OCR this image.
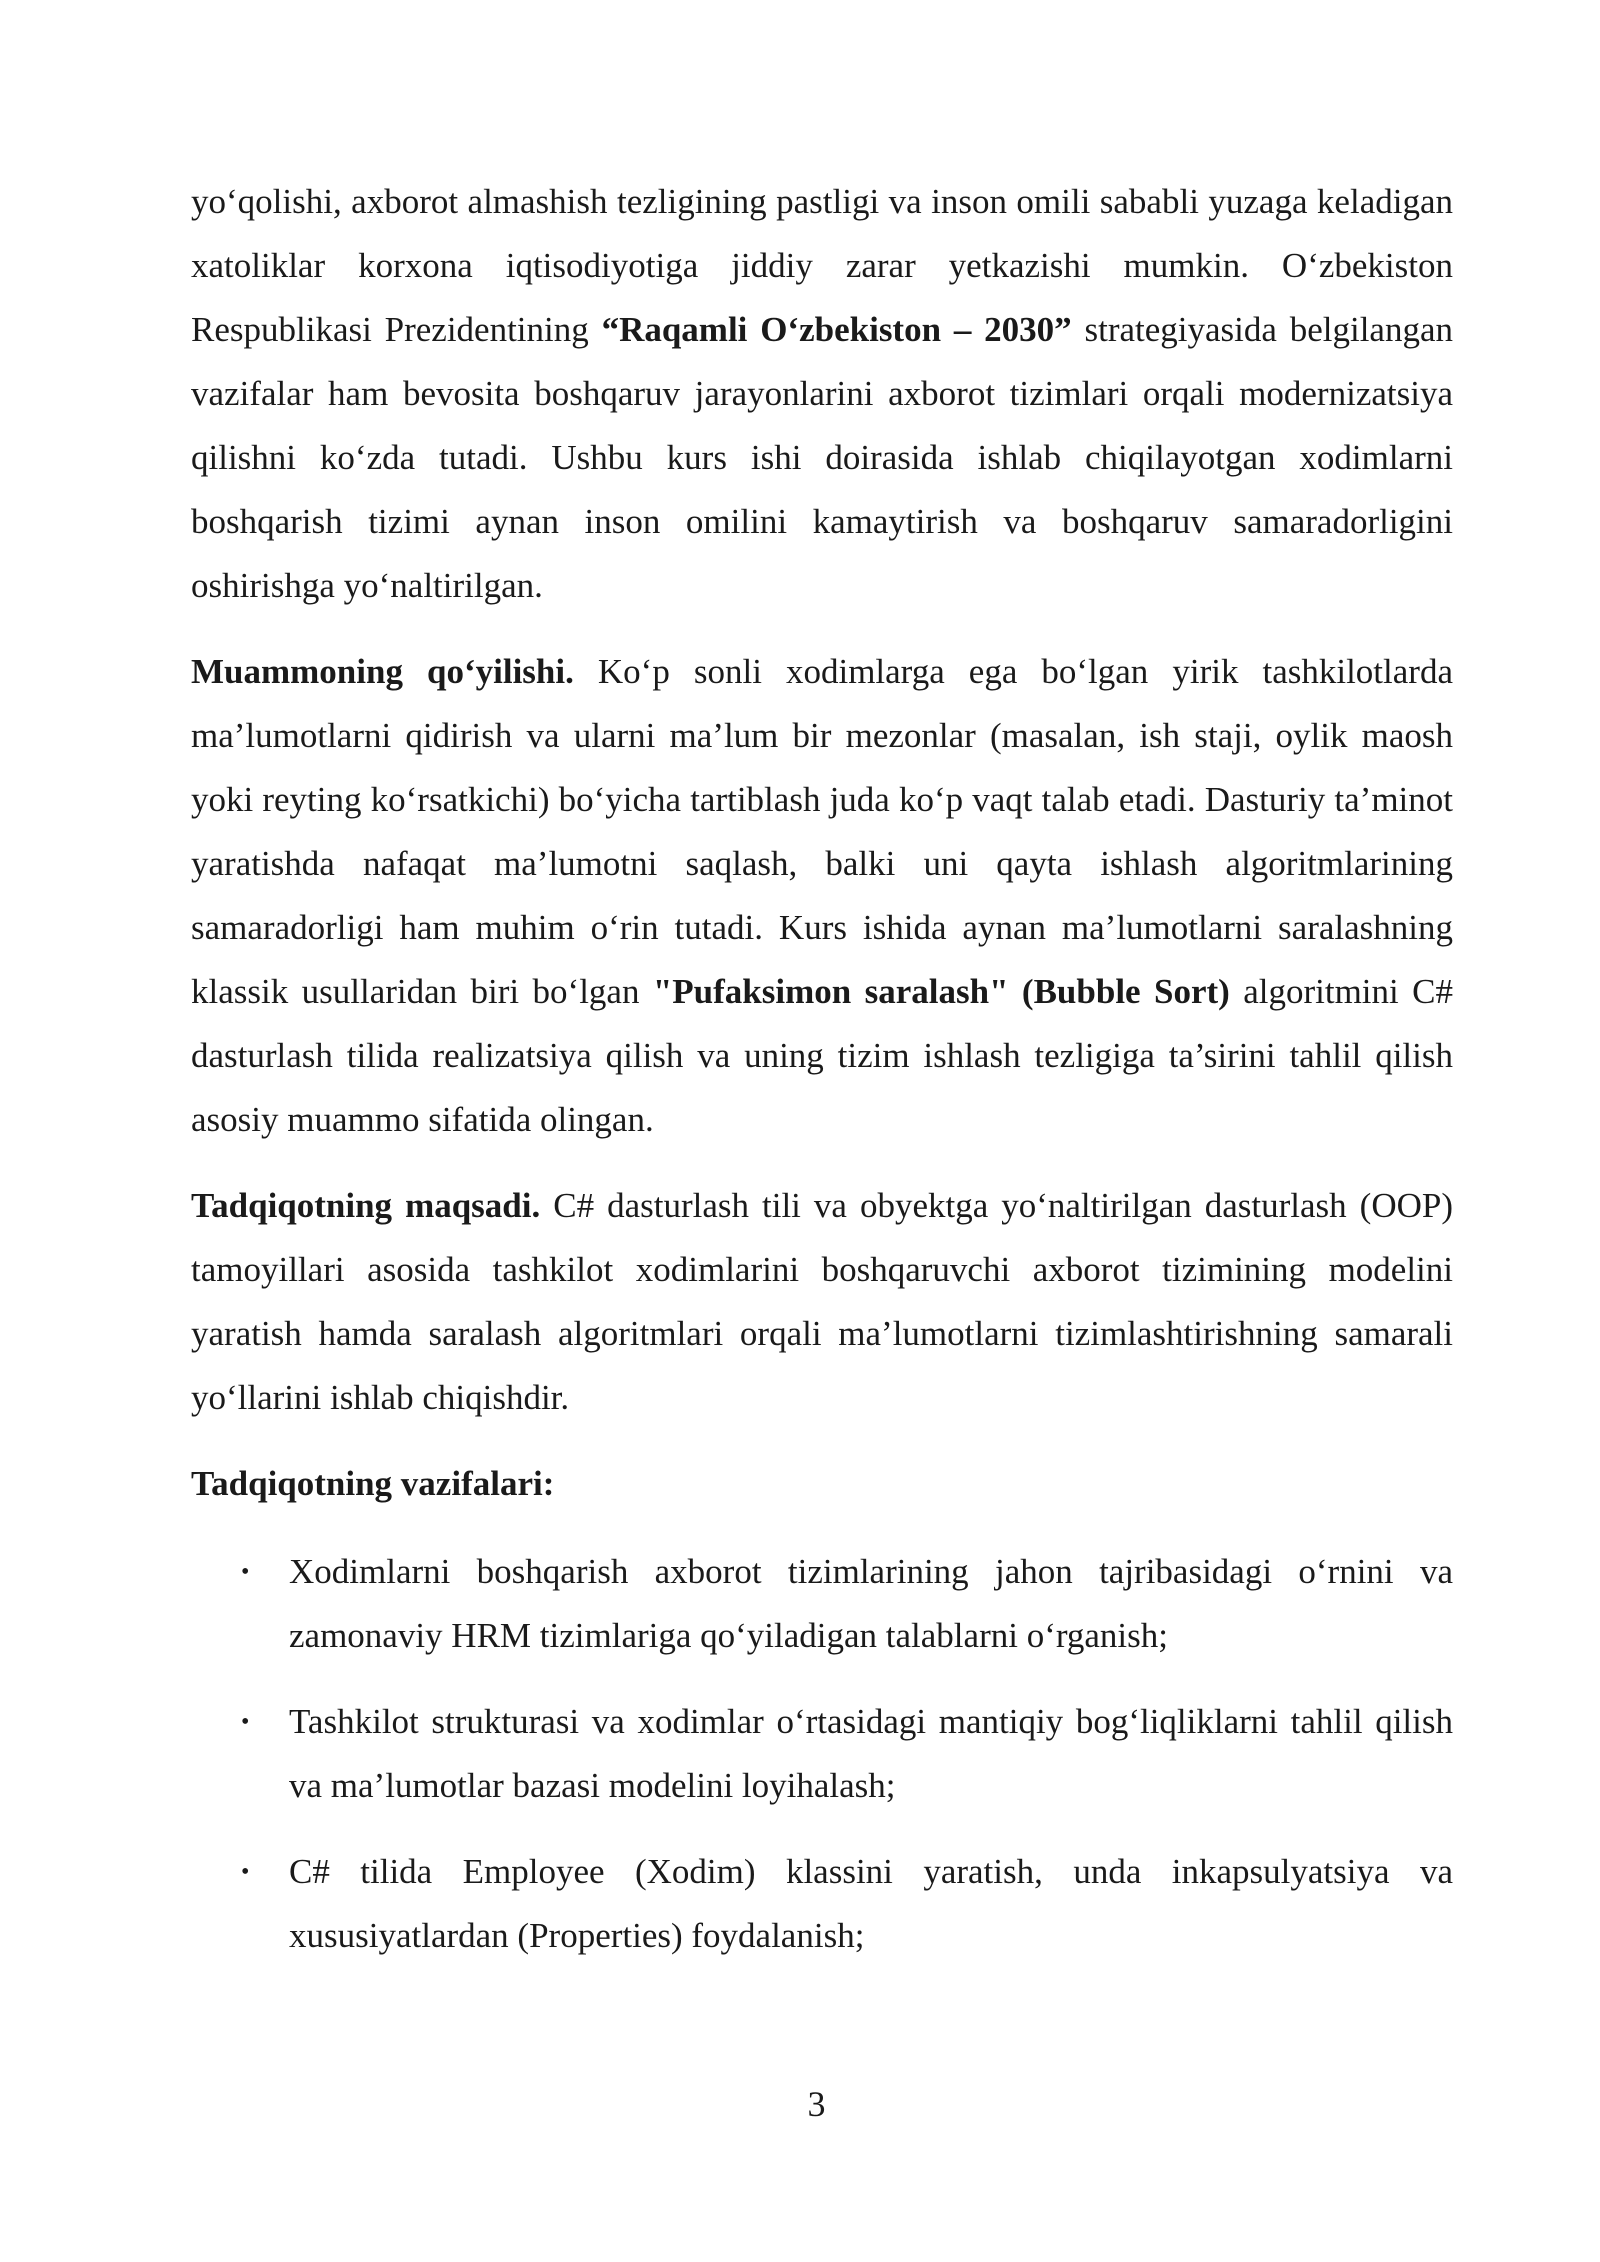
yo‘qolishi, axborot almashish tezligining pastligi va inson omili sababli yuzaga keladigan xatoliklar korxona iqtisodiyotiga jiddiy zarar yetkazishi mumkin. O‘zbekiston Respublikasi Prezidentining “Raqamli O‘zbekiston – 2030” strategiyasida belgilangan vazifalar ham bevosita boshqaruv jarayonlarini axborot tizimlari orqali modernizatsiya qilishni ko‘zda tutadi. Ushbu kurs ishi doirasida ishlab chiqilayotgan xodimlarni boshqarish tizimi aynan inson omilini kamaytirish va boshqaruv samaradorligini oshirishga yo‘naltirilgan.

Muammoning qo‘yilishi. Ko‘p sonli xodimlarga ega bo‘lgan yirik tashkilotlarda ma’lumotlarni qidirish va ularni ma’lum bir mezonlar (masalan, ish staji, oylik maosh yoki reyting ko‘rsatkichi) bo‘yicha tartiblash juda ko‘p vaqt talab etadi. Dasturiy ta’minot yaratishda nafaqat ma’lumotni saqlash, balki uni qayta ishlash algoritmlarining samaradorligi ham muhim o‘rin tutadi. Kurs ishida aynan ma’lumotlarni saralashning klassik usullaridan biri bo‘lgan "Pufaksimon saralash" (Bubble Sort) algoritmini C# dasturlash tilida realizatsiya qilish va uning tizim ishlash tezligiga ta’sirini tahlil qilish asosiy muammo sifatida olingan.

Tadqiqotning maqsadi. C# dasturlash tili va obyektga yo‘naltirilgan dasturlash (OOP) tamoyillari asosida tashkilot xodimlarini boshqaruvchi axborot tizimining modelini yaratish hamda saralash algoritmlari orqali ma’lumotlarni tizimlashtirishning samarali yo‘llarini ishlab chiqishdir.

Tadqiqotning vazifalari:

• Xodimlarni boshqarish axborot tizimlarining jahon tajribasidagi o‘rnini va zamonaviy HRM tizimlariga qo‘yiladigan talablarni o‘rganish;
• Tashkilot strukturasi va xodimlar o‘rtasidagi mantiqiy bog‘liqliklarni tahlil qilish va ma’lumotlar bazasi modelini loyihalash;
• C# tilida Employee (Xodim) klassini yaratish, unda inkapsulyatsiya va xususiyatlardan (Properties) foydalanish;
3
